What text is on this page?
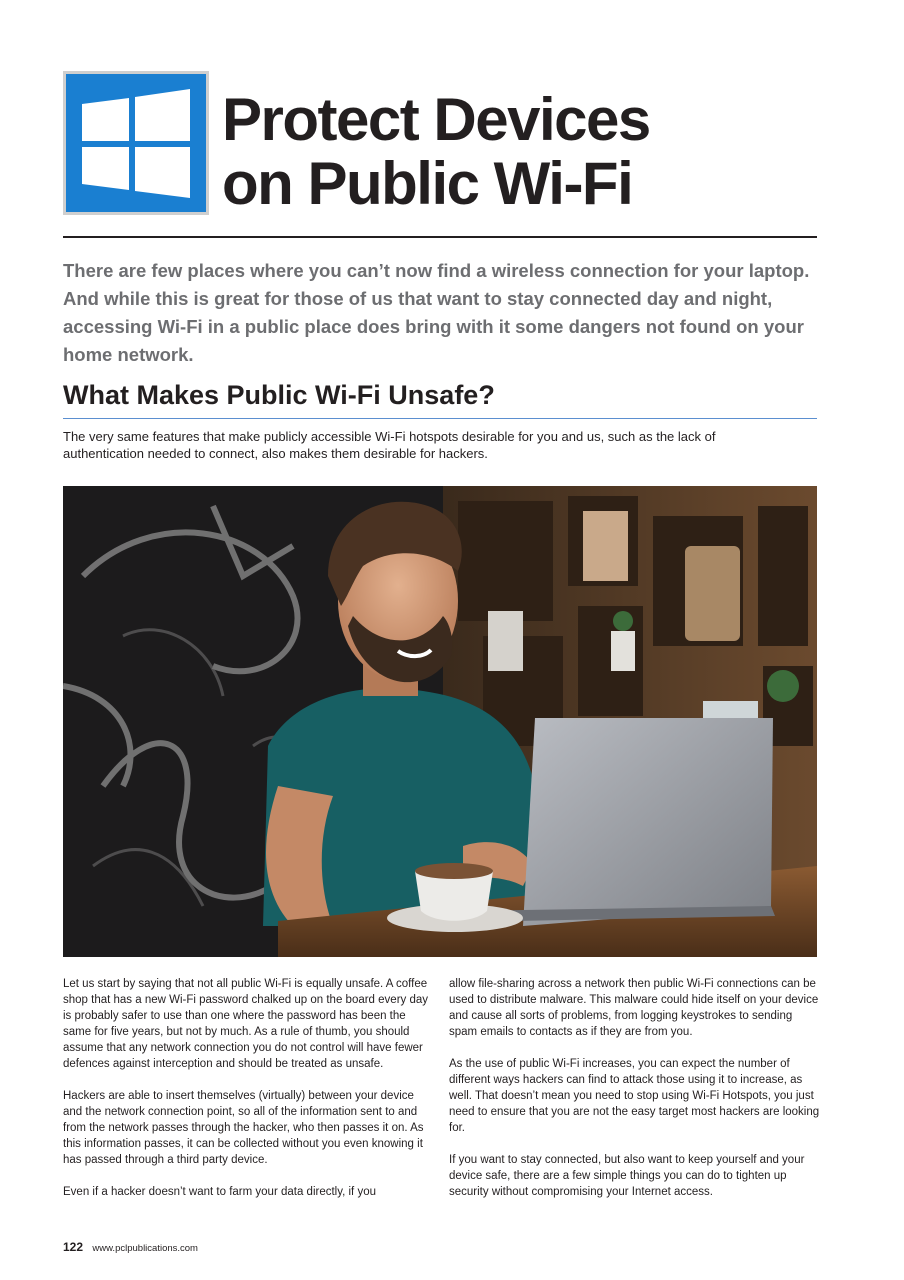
Protect Devices
on Public Wi-Fi

There are few places where you can’t now find a wireless connection for your laptop. And while this is great for those of us that want to stay connected day and night, accessing Wi-Fi in a public place does bring with it some dangers not found on your home network.

What Makes Public Wi-Fi Unsafe?

The very same features that make publicly accessible Wi-Fi hotspots desirable for you and us, such as the lack of authentication needed to connect, also makes them desirable for hackers.

Let us start by saying that not all public Wi-Fi is equally unsafe. A coffee shop that has a new Wi-Fi password chalked up on the board every day is probably safer to use than one where the password has been the same for five years, but not by much. As a rule of thumb, you should assume that any network connection you do not control will have fewer defences against interception and should be treated as unsafe.

Hackers are able to insert themselves (virtually) between your device and the network connection point, so all of the information sent to and from the network passes through the hacker, who then passes it on. As this information passes, it can be collected without you even knowing it has passed through a third party device.

Even if a hacker doesn’t want to farm your data directly, if you

allow file-sharing across a network then public Wi-Fi connections can be used to distribute malware. This malware could hide itself on your device and cause all sorts of problems, from logging keystrokes to sending spam emails to contacts as if they are from you.

As the use of public Wi-Fi increases, you can expect the number of different ways hackers can find to attack those using it to increase, as well. That doesn’t mean you need to stop using Wi-Fi Hotspots, you just need to ensure that you are not the easy target most hackers are looking for.

If you want to stay connected, but also want to keep yourself and your device safe, there are a few simple things you can do to tighten up security without compromising your Internet access.

122 www.pclpublications.com
